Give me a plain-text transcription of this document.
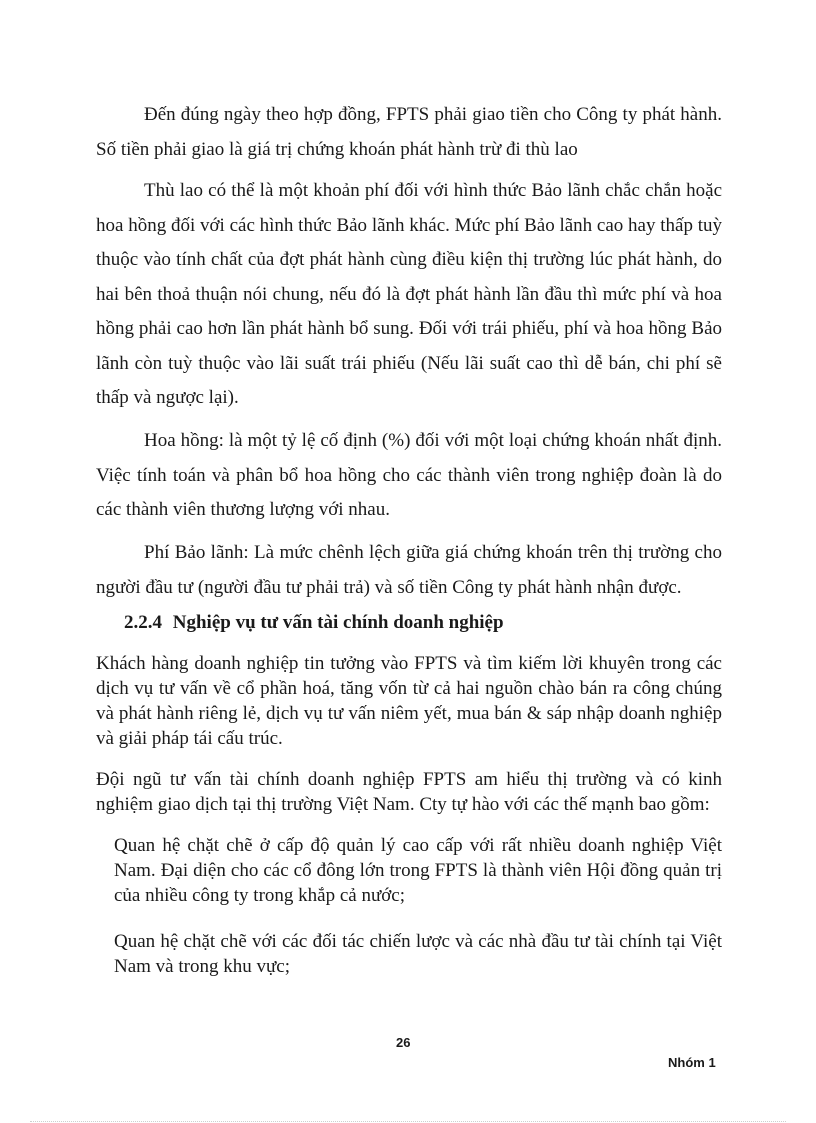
Đến đúng ngày theo hợp đồng, FPTS phải giao tiền cho Công ty phát hành. Số tiền phải giao là giá trị chứng khoán phát hành trừ đi thù lao

Thù lao có thể là một khoản phí đối với hình thức Bảo lãnh chắc chắn hoặc hoa hồng đối với các hình thức Bảo lãnh khác. Mức phí Bảo lãnh cao hay thấp tuỳ thuộc vào tính chất của đợt phát hành cùng điều kiện thị trường lúc phát hành, do hai bên thoả thuận nói chung, nếu đó là đợt phát hành lần đầu thì mức phí và hoa hồng phải cao hơn lần phát hành bổ sung. Đối với trái phiếu, phí và hoa hồng Bảo lãnh còn tuỳ thuộc vào lãi suất trái phiếu (Nếu lãi suất cao thì dễ bán, chi phí sẽ thấp và ngược lại).

Hoa hồng: là một tỷ lệ cố định (%) đối với một loại chứng khoán nhất định. Việc tính toán và phân bổ hoa hồng cho các thành viên trong nghiệp đoàn là do các thành viên thương lượng với nhau.

Phí Bảo lãnh: Là mức chênh lệch giữa giá chứng khoán trên thị trường cho người đầu tư (người đầu tư phải trả) và số tiền Công ty phát hành nhận được.

2.2.4 Nghiệp vụ tư vấn tài chính doanh nghiệp

Khách hàng doanh nghiệp tin tưởng vào FPTS và tìm kiếm lời khuyên trong các dịch vụ tư vấn về cổ phần hoá, tăng vốn từ cả hai nguồn chào bán ra công chúng và phát hành riêng lẻ, dịch vụ tư vấn niêm yết, mua bán & sáp nhập doanh nghiệp và giải pháp tái cấu trúc.

Đội ngũ tư vấn tài chính doanh nghiệp FPTS am hiểu thị trường và có kinh nghiệm giao dịch tại thị trường Việt Nam. Cty tự hào với các thế mạnh bao gồm:

Quan hệ chặt chẽ ở cấp độ quản lý cao cấp với rất nhiều doanh nghiệp Việt Nam. Đại diện cho các cổ đông lớn trong FPTS là thành viên Hội đồng quản trị của nhiều công ty trong khắp cả nước;

Quan hệ chặt chẽ với các đối tác chiến lược và các nhà đầu tư tài chính tại Việt Nam và trong khu vực;

26
Nhóm 1
